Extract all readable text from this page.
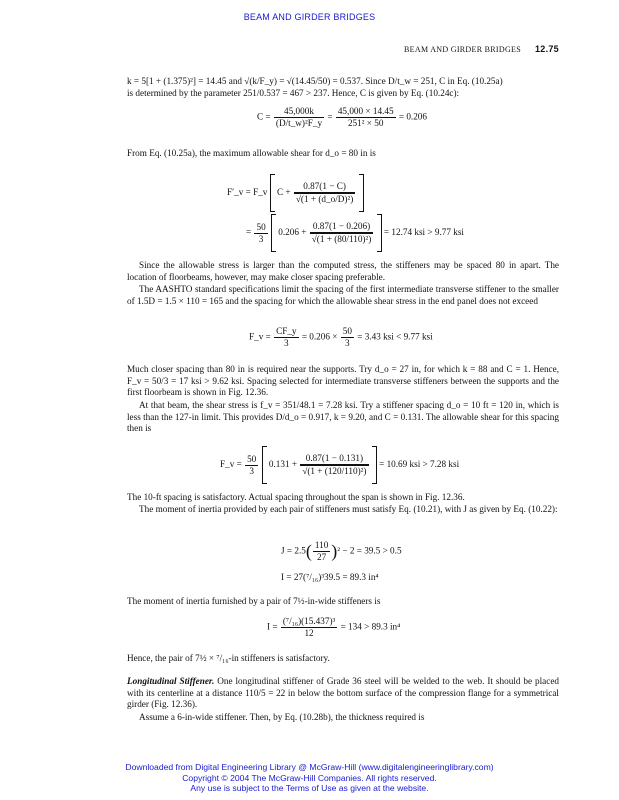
BEAM AND GIRDER BRIDGES
BEAM AND GIRDER BRIDGES 12.75
k = 5[1 + (1.375)²] = 14.45 and √(k/F_y) = √(14.45/50) = 0.537. Since D/t_w = 251, C in Eq. (10.25a)
is determined by the parameter 251/0.537 = 467 > 237. Hence, C is given by Eq. (10.24c):
$C = \frac{45,000k}{\text{(D/t\_w)²F\_y}} = \frac{45,000 \times 14.45}{\text{251² × 50}} = 0.206$
From Eq. (10.25a), the maximum allowable shear for d_o = 80 in is
F′_v = F_v $C + \frac{0.87(1 - C)}{\text{√(1 + (d\_o/D)²)}}$

= $\frac{50}{3} 0.206 + \frac{0.87(1 - 0.206)}{\text{√(1 + (80/110)²)}} = 12.74$ ksi > 9.77 ksi
Since the allowable stress is larger than the computed stress, the stiffeners may be spaced 80 in apart. The location of floorbeams, however, may make closer spacing preferable.
The AASHTO standard specifications limit the spacing of the first intermediate transverse stiffener to the smaller of 1.5D = 1.5 × 110 = 165 and the spacing for which the allowable shear stress in the end panel does not exceed
F_v = $\frac{CF\_y}{3} = 0.206 \times \frac{50}{3} = 3.43$ ksi < 9.77 ksi
Much closer spacing than 80 in is required near the supports. Try d_o = 27 in, for which k = 88 and C = 1. Hence, F_v = 50/3 = 17 ksi > 9.62 ksi. Spacing selected for intermediate transverse stiffeners between the supports and the first floorbeam is shown in Fig. 12.36.
At that beam, the shear stress is f_v = 351/48.1 = 7.28 ksi. Try a stiffener spacing d_o = 10 ft = 120 in, which is less than the 127-in limit. This provides D/d_o = 0.917, k = 9.20, and C = 0.131. The allowable shear for this spacing then is
F_v = $\frac{50}{3} 0.131 + \frac{0.87(1 - 0.131)}{\text{√(1 + (120/110)²)}} = 10.69$ ksi > 7.28 ksi
The 10-ft spacing is satisfactory. Actual spacing throughout the span is shown in Fig. 12.36.
The moment of inertia provided by each pair of stiffeners must satisfy Eq. (10.21), with J as given by Eq. (10.22):
$J = 2.5( \frac{110}{27} )^2 - 2 = 39.5 > 0.5$
I = 27(⁷/₁₆)³39.5 = 89.3 in⁴
The moment of inertia furnished by a pair of 7½-in-wide stiffeners is
$I = \frac{\text{(⁷/₁₆)(15.437)³}}{12} = 134 > 89.3$ in⁴
Hence, the pair of 7½ × ⁷/₁₆-in stiffeners is satisfactory.
Longitudinal Stiffener. One longitudinal stiffener of Grade 36 steel will be welded to the web. It should be placed with its centerline at a distance 110/5 = 22 in below the bottom surface of the compression flange for a symmetrical girder (Fig. 12.36).
Assume a 6-in-wide stiffener. Then, by Eq. (10.28b), the thickness required is
Downloaded from Digital Engineering Library @ McGraw-Hill (www.digitalengineeringlibrary.com)
Copyright © 2004 The McGraw-Hill Companies. All rights reserved.
Any use is subject to the Terms of Use as given at the website.
